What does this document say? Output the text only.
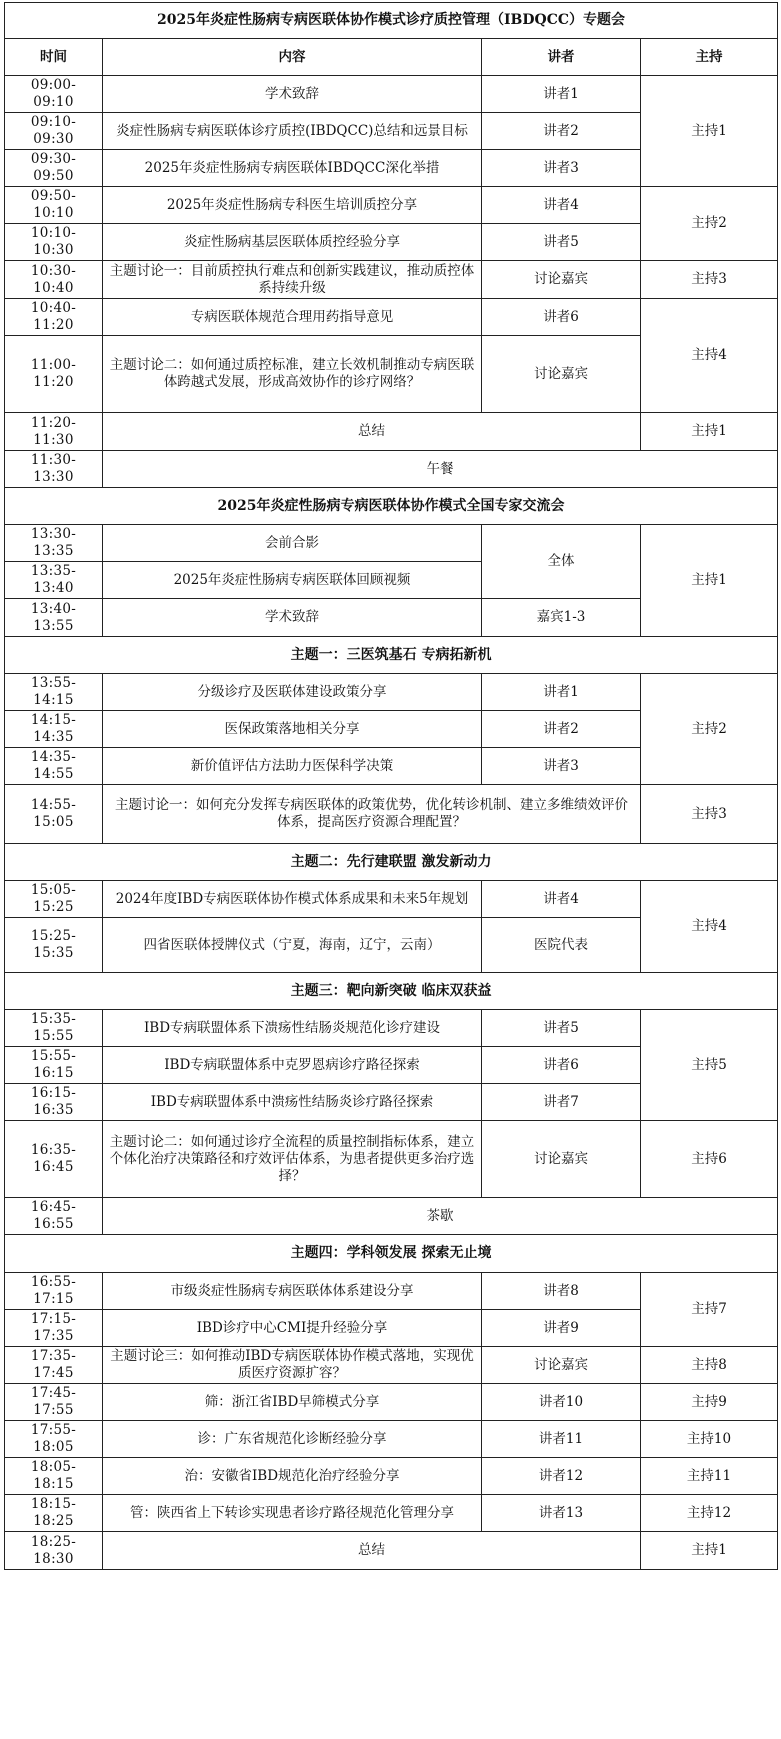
2025年炎症性肠病专病医联体协作模式诊疗质控管理（IBDQCC）专题会			
时间	内容	讲者	主持
09:00-09:10	学术致辞	讲者1	主持1
09:10-09:30	炎症性肠病专病医联体诊疗质控(IBDQCC)总结和远景目标	讲者2	
09:30-09:50	2025年炎症性肠病专病医联体IBDQCC深化举措	讲者3	
09:50-10:10	2025年炎症性肠病专科医生培训质控分享	讲者4	主持2
10:10-10:30	炎症性肠病基层医联体质控经验分享	讲者5	
10:30-10:40	主题讨论一：目前质控执行难点和创新实践建议，推动质控体系持续升级	讨论嘉宾	主持3
10:40-11:20	专病医联体规范合理用药指导意见	讲者6	主持4
11:00-11:20	主题讨论二：如何通过质控标准，建立长效机制推动专病医联体跨越式发展，形成高效协作的诊疗网络？	讨论嘉宾	
11:20-11:30	总结		主持1
11:30-13:30	午餐		
2025年炎症性肠病专病医联体协作模式全国专家交流会			
13:30-13:35	会前合影	全体	主持1
13:35-13:40	2025年炎症性肠病专病医联体回顾视频		
13:40-13:55	学术致辞	嘉宾1-3	
主题一：三医筑基石 专病拓新机			
13:55-14:15	分级诊疗及医联体建设政策分享	讲者1	主持2
14:15-14:35	医保政策落地相关分享	讲者2	
14:35-14:55	新价值评估方法助力医保科学决策	讲者3	
14:55-15:05	主题讨论一：如何充分发挥专病医联体的政策优势，优化转诊机制、建立多维绩效评价体系，提高医疗资源合理配置？		主持3
主题二：先行建联盟 激发新动力			
15:05-15:25	2024年度IBD专病医联体协作模式体系成果和未来5年规划	讲者4	主持4
15:25-15:35	四省医联体授牌仪式（宁夏，海南，辽宁，云南）	医院代表	
主题三：靶向新突破 临床双获益			
15:35-15:55	IBD专病联盟体系下溃疡性结肠炎规范化诊疗建设	讲者5	主持5
15:55-16:15	IBD专病联盟体系中克罗恩病诊疗路径探索	讲者6	
16:15-16:35	IBD专病联盟体系中溃疡性结肠炎诊疗路径探索	讲者7	
16:35-16:45	主题讨论二：如何通过诊疗全流程的质量控制指标体系，建立个体化治疗决策路径和疗效评估体系，为患者提供更多治疗选择？	讨论嘉宾	主持6
16:45-16:55	茶歇		
主题四：学科领发展 探索无止境			
16:55-17:15	市级炎症性肠病专病医联体体系建设分享	讲者8	主持7
17:15-17:35	IBD诊疗中心CMI提升经验分享	讲者9	
17:35-17:45	主题讨论三：如何推动IBD专病医联体协作模式落地，实现优质医疗资源扩容？	讨论嘉宾	主持8
17:45-17:55	筛：浙江省IBD早筛模式分享	讲者10	主持9
17:55-18:05	诊：广东省规范化诊断经验分享	讲者11	主持10
18:05-18:15	治：安徽省IBD规范化治疗经验分享	讲者12	主持11
18:15-18:25	管：陕西省上下转诊实现患者诊疗路径规范化管理分享	讲者13	主持12
18:25-18:30	总结		主持1
